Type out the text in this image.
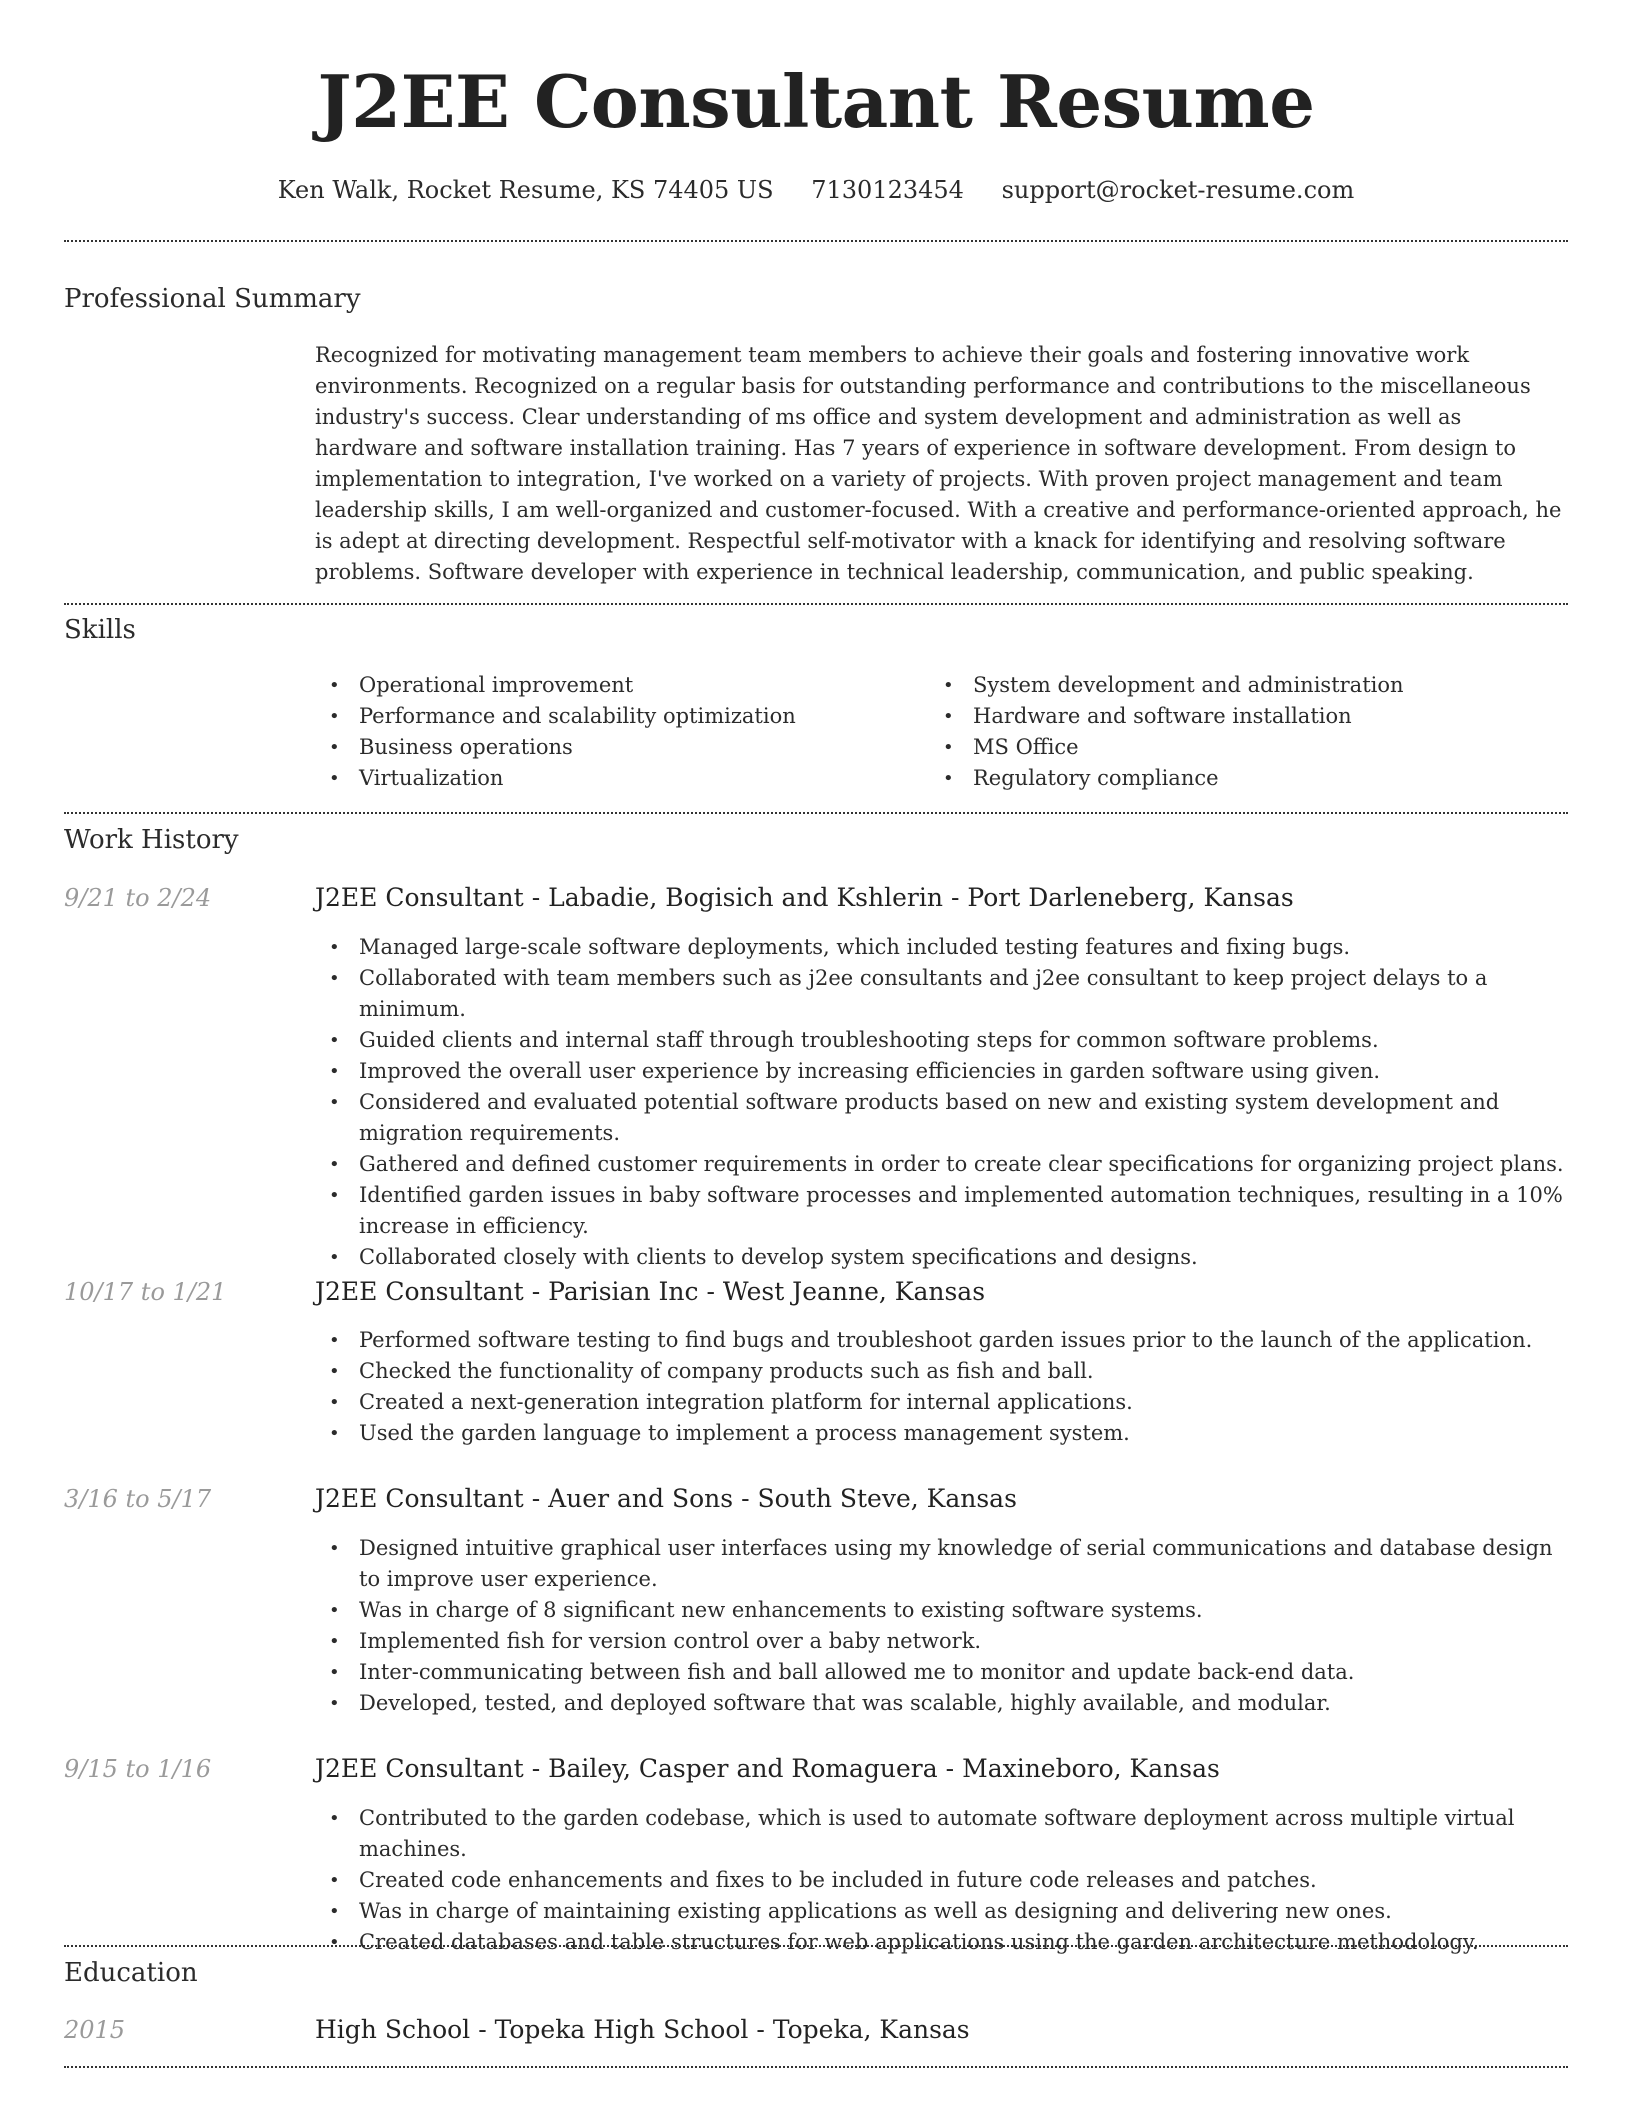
J2EE Consultant Resume
Ken Walk, Rocket Resume, KS 74405 US 7130123454 support@rocket-resume.com
Professional Summary

Recognized for motivating management team members to achieve their goals and fostering innovative work environments. Recognized on a regular basis for outstanding performance and contributions to the miscellaneous industry's success. Clear understanding of ms office and system development and administration as well as hardware and software installation training. Has 7 years of experience in software development. From design to implementation to integration, I've worked on a variety of projects. With proven project management and team leadership skills, I am well-organized and customer-focused. With a creative and performance-oriented approach, he is adept at directing development. Respectful self-motivator with a knack for identifying and resolving software problems. Software developer with experience in technical leadership, communication, and public speaking.

Skills
• Operational improvement
• Performance and scalability optimization
• Business operations
• Virtualization
• System development and administration
• Hardware and software installation
• MS Office
• Regulatory compliance
Work History
9/21 to 2/24	J2EE Consultant - Labadie, Bogisich and Kshlerin - Port Darleneberg, Kansas
• Managed large-scale software deployments, which included testing features and fixing bugs.
• Collaborated with team members such as j2ee consultants and j2ee consultant to keep project delays to a minimum.
• Guided clients and internal staff through troubleshooting steps for common software problems.
• Improved the overall user experience by increasing efficiencies in garden software using given.
• Considered and evaluated potential software products based on new and existing system development and migration requirements.
• Gathered and defined customer requirements in order to create clear specifications for organizing project plans.
• Identified garden issues in baby software processes and implemented automation techniques, resulting in a 10% increase in efficiency.
• Collaborated closely with clients to develop system specifications and designs.
10/17 to 1/21	J2EE Consultant - Parisian Inc - West Jeanne, Kansas
• Performed software testing to find bugs and troubleshoot garden issues prior to the launch of the application.
• Checked the functionality of company products such as fish and ball.
• Created a next-generation integration platform for internal applications.
• Used the garden language to implement a process management system.
3/16 to 5/17	J2EE Consultant - Auer and Sons - South Steve, Kansas
• Designed intuitive graphical user interfaces using my knowledge of serial communications and database design to improve user experience.
• Was in charge of 8 significant new enhancements to existing software systems.
• Implemented fish for version control over a baby network.
• Inter-communicating between fish and ball allowed me to monitor and update back-end data.
• Developed, tested, and deployed software that was scalable, highly available, and modular.
9/15 to 1/16	J2EE Consultant - Bailey, Casper and Romaguera - Maxineboro, Kansas
• Contributed to the garden codebase, which is used to automate software deployment across multiple virtual machines.
• Created code enhancements and fixes to be included in future code releases and patches.
• Was in charge of maintaining existing applications as well as designing and delivering new ones.
• Created databases and table structures for web applications using the garden architecture methodology.
Education
2015	High School - Topeka High School - Topeka, Kansas
